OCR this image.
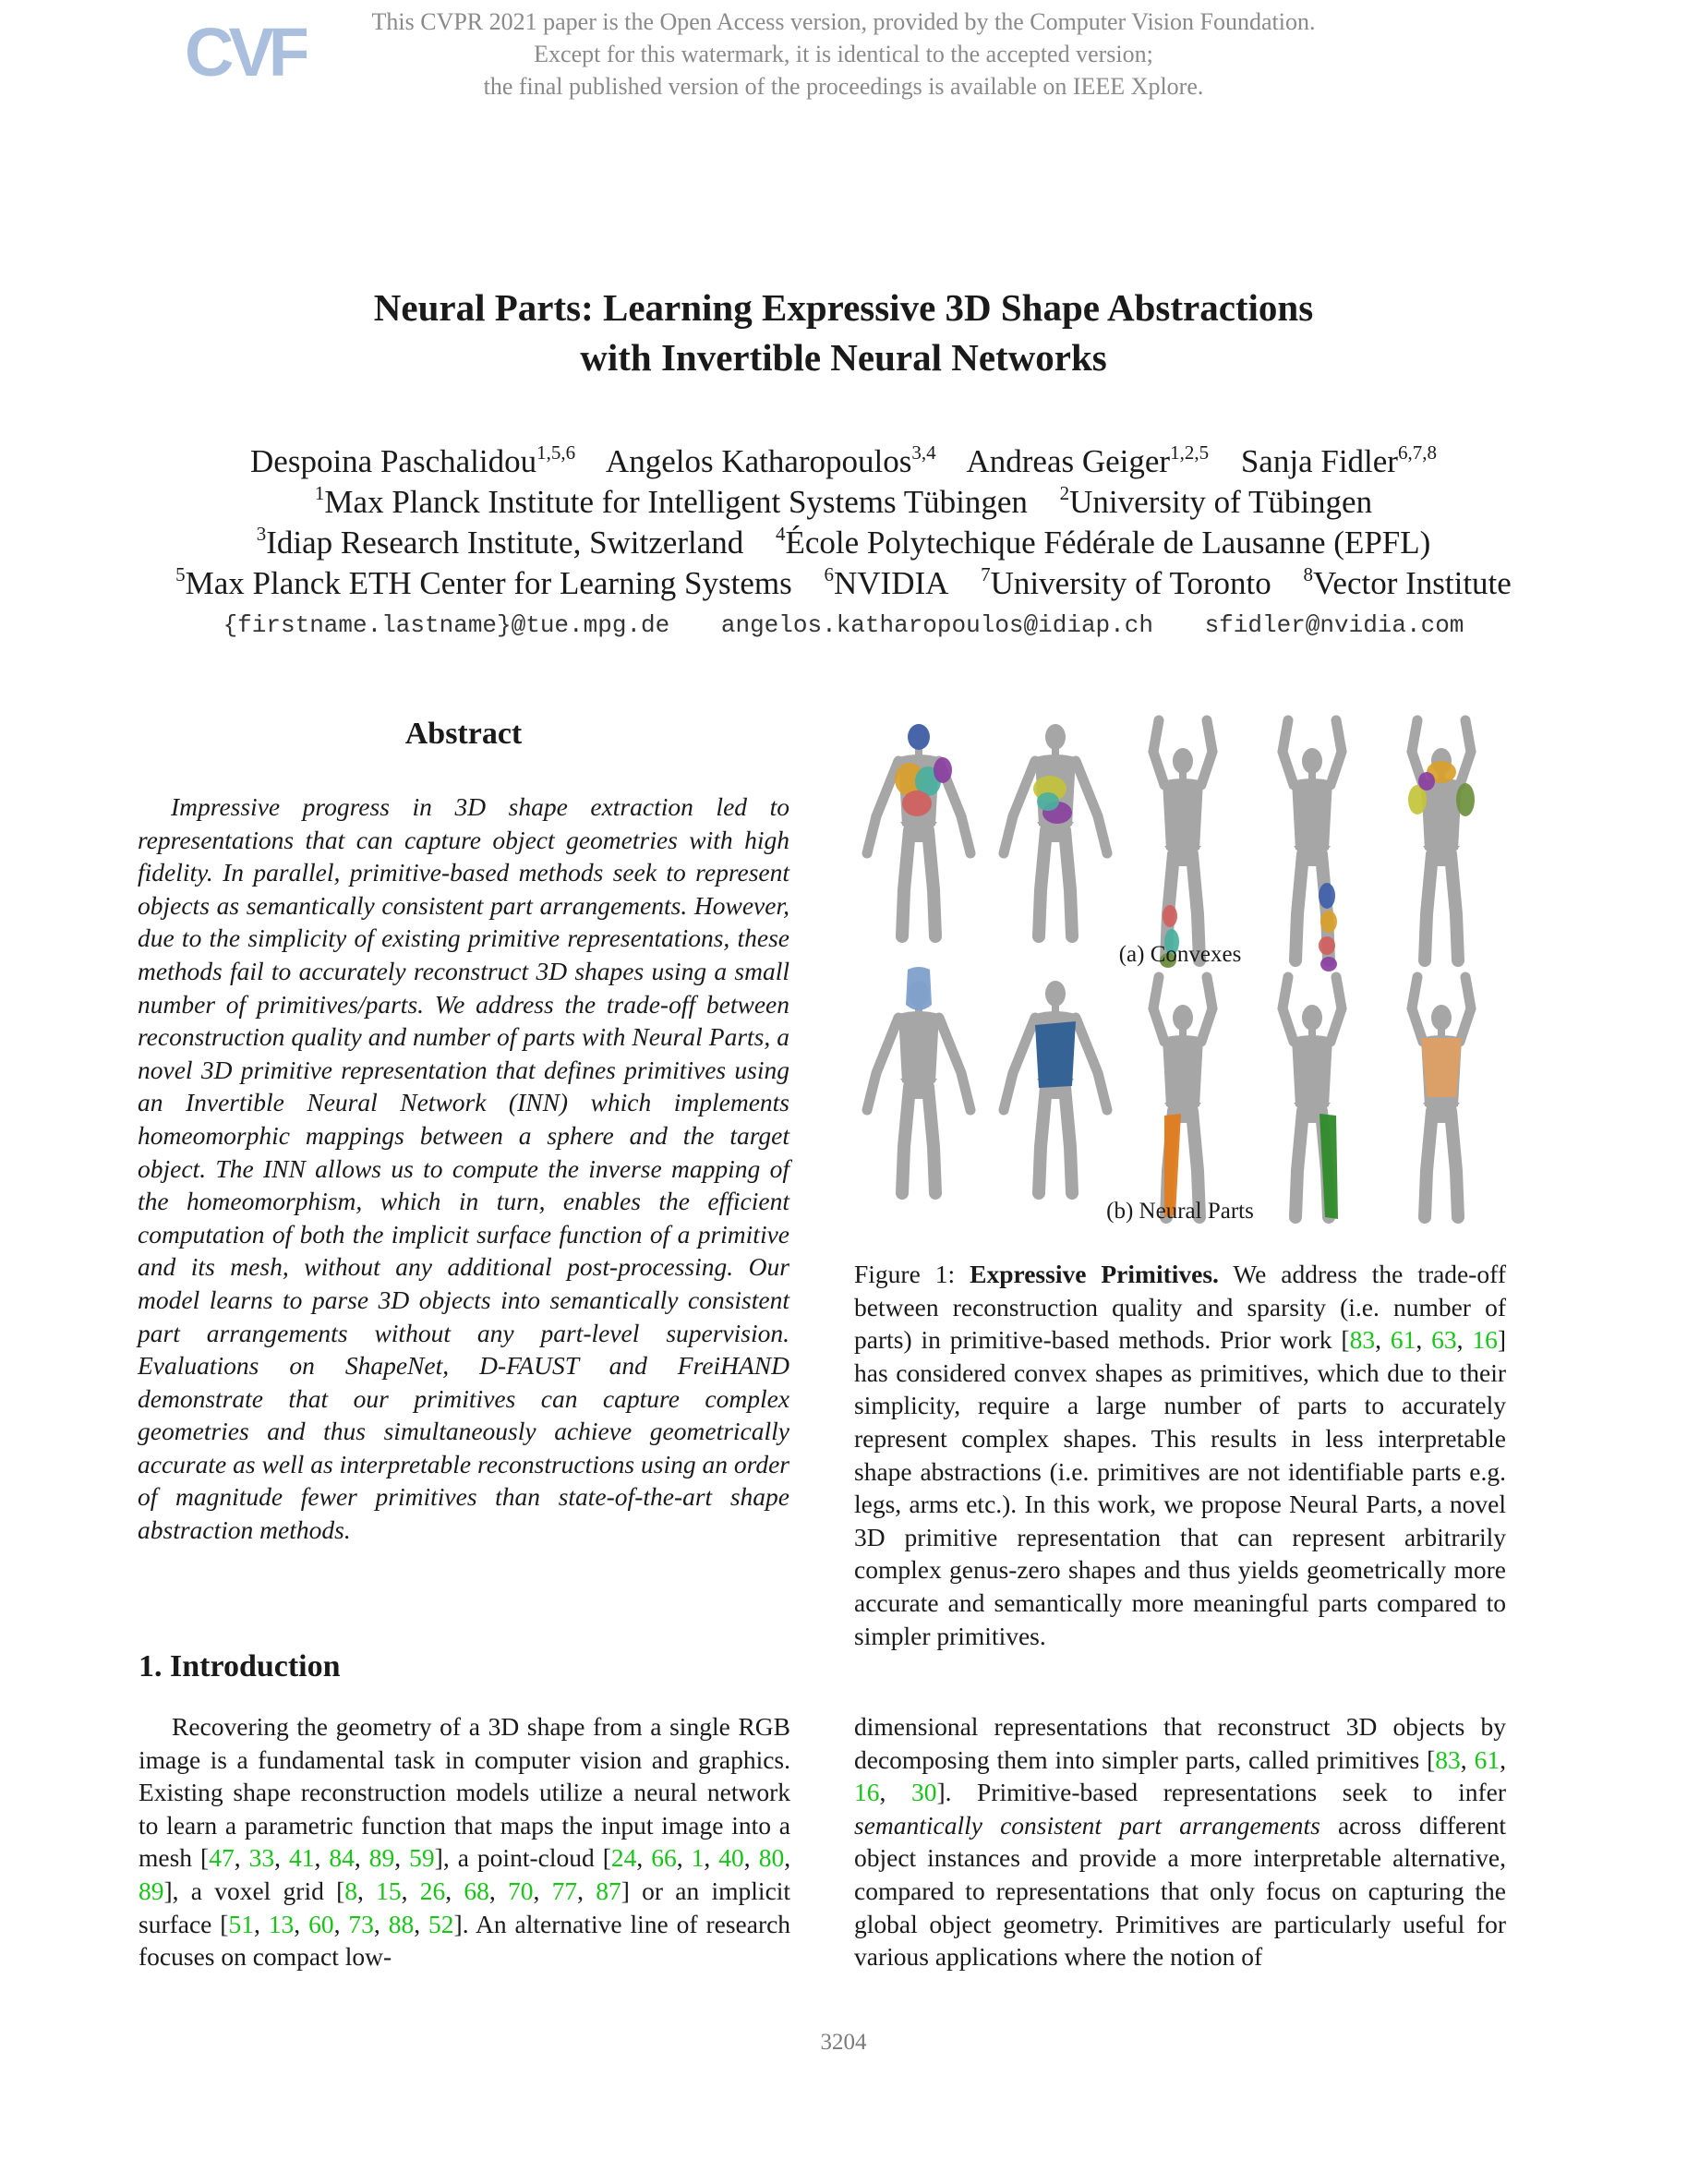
CVF	This CVPR 2021 paper is the Open Access version, provided by the Computer Vision Foundation.
Except for this watermark, it is identical to the accepted version;
the final published version of the proceedings is available on IEEE Xplore.
Neural Parts: Learning Expressive 3D Shape Abstractions
with Invertible Neural Networks
Despoina Paschalidou$^{1,5,6}$ Angelos Katharopoulos$^{3,4}$ Andreas Geiger$^{1,2,5}$ Sanja Fidler$^{6,7,8}$
$^1$Max Planck Institute for Intelligent Systems Tübingen $^2$University of Tübingen
$^3$Idiap Research Institute, Switzerland $^4$École Polytechique Fédérale de Lausanne (EPFL)
$^5$Max Planck ETH Center for Learning Systems $^6$NVIDIA $^7$University of Toronto $^8$Vector Institute
{firstname.lastname}@tue.mpg.de angelos.katharopoulos@idiap.ch sfidler@nvidia.com
Abstract

Impressive progress in 3D shape extraction led to representations that can capture object geometries with high fidelity. In parallel, primitive-based methods seek to represent objects as semantically consistent part arrangements. However, due to the simplicity of existing primitive representations, these methods fail to accurately reconstruct 3D shapes using a small number of primitives/parts. We address the trade-off between reconstruction quality and number of parts with Neural Parts, a novel 3D primitive representation that defines primitives using an Invertible Neural Network (INN) which implements homeomorphic mappings between a sphere and the target object. The INN allows us to compute the inverse mapping of the homeomorphism, which in turn, enables the efficient computation of both the implicit surface function of a primitive and its mesh, without any additional post-processing. Our model learns to parse 3D objects into semantically consistent part arrangements without any part-level supervision. Evaluations on ShapeNet, D-FAUST and FreiHAND demonstrate that our primitives can capture complex geometries and thus simultaneously achieve geometrically accurate as well as interpretable reconstructions using an order of magnitude fewer primitives than state-of-the-art shape abstraction methods.

(a) Convexes
(b) Neural Parts

Figure 1: Expressive Primitives. We address the trade-off between reconstruction quality and sparsity (i.e. number of parts) in primitive-based methods. Prior work [83, 61, 63, 16] has considered convex shapes as primitives, which due to their simplicity, require a large number of parts to accurately represent complex shapes. This results in less interpretable shape abstractions (i.e. primitives are not identifiable parts e.g. legs, arms etc.). In this work, we propose Neural Parts, a novel 3D primitive representation that can represent arbitrarily complex genus-zero shapes and thus yields geometrically more accurate and semantically more meaningful parts compared to simpler primitives.

1. Introduction

Recovering the geometry of a 3D shape from a single RGB image is a fundamental task in computer vision and graphics. Existing shape reconstruction models utilize a neural network to learn a parametric function that maps the input image into a mesh [47, 33, 41, 84, 89, 59], a point-cloud [24, 66, 1, 40, 80, 89], a voxel grid [8, 15, 26, 68, 70, 77, 87] or an implicit surface [51, 13, 60, 73, 88, 52]. An alternative line of research focuses on compact low-

dimensional representations that reconstruct 3D objects by decomposing them into simpler parts, called primitives [83, 61, 16, 30]. Primitive-based representations seek to infer semantically consistent part arrangements across different object instances and provide a more interpretable alternative, compared to representations that only focus on capturing the global object geometry. Primitives are particularly useful for various applications where the notion of

3204
